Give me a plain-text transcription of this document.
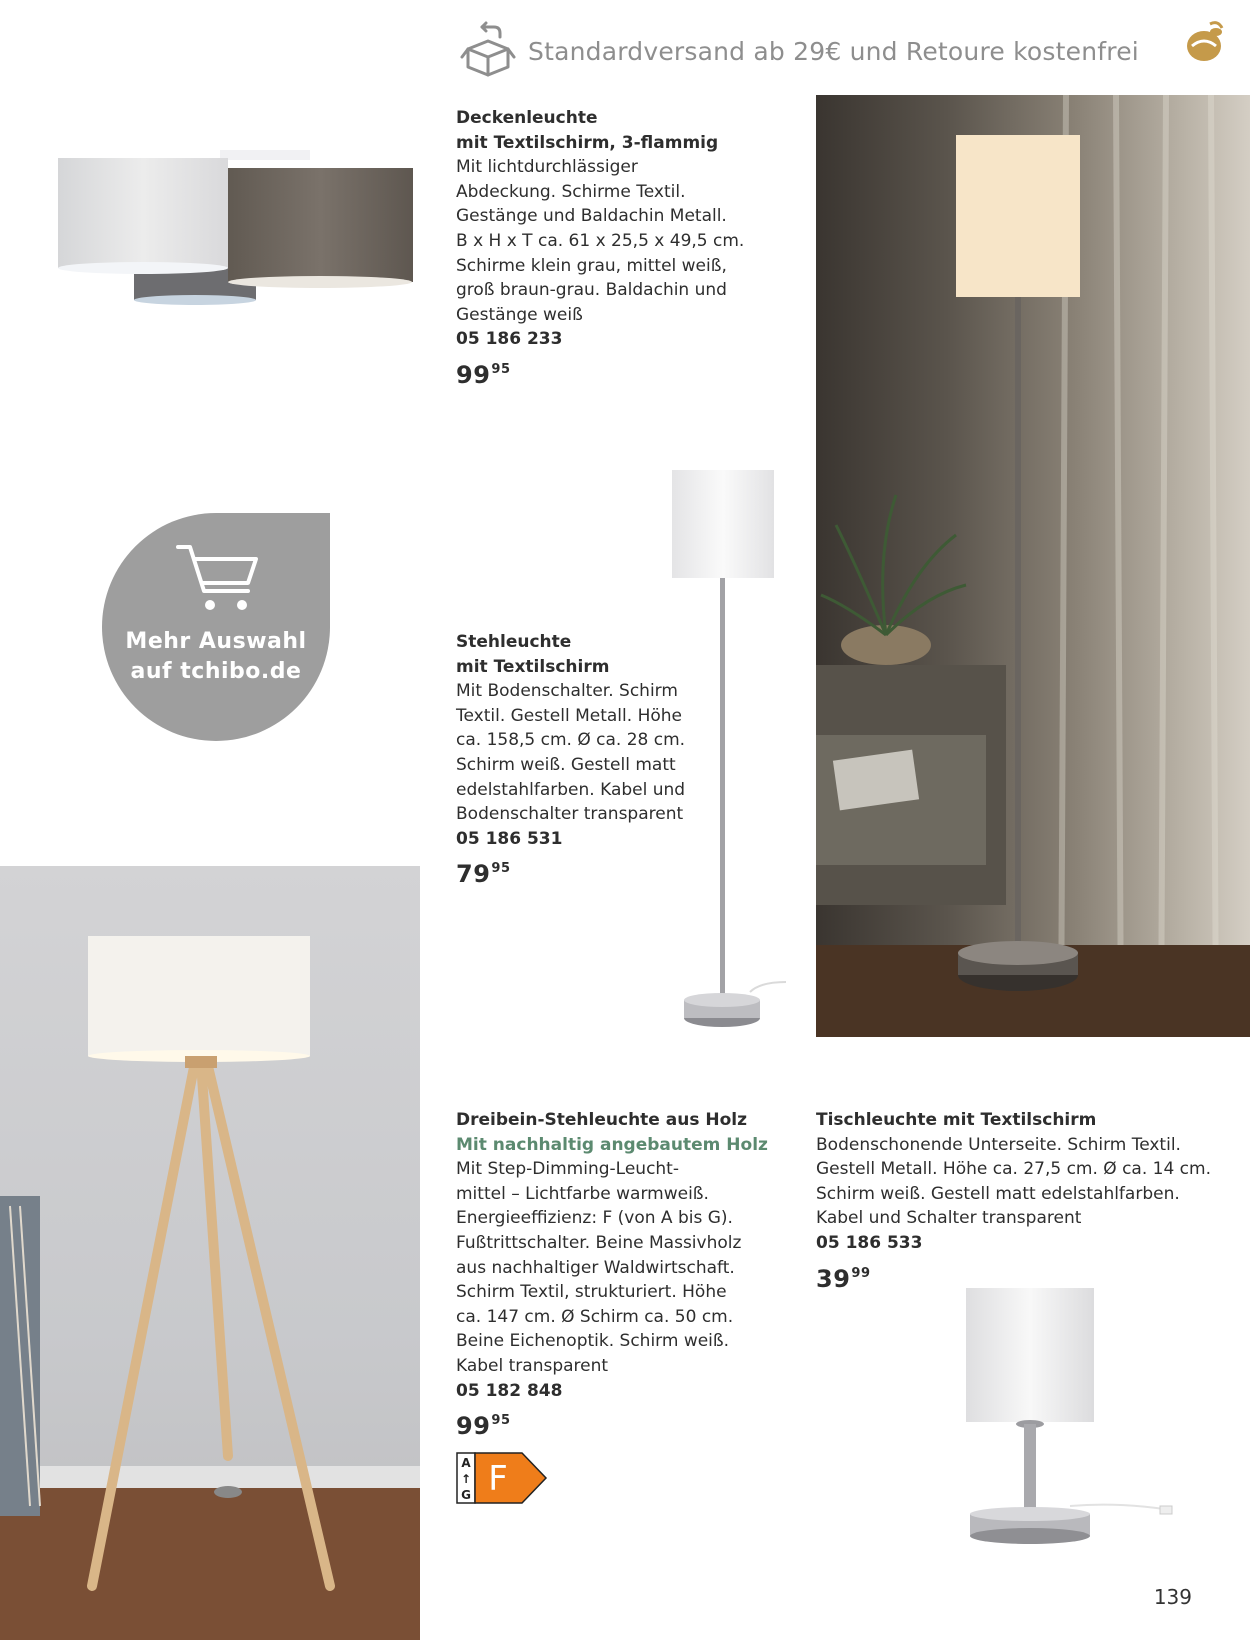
Standardversand ab 29€ und Retoure kostenfrei
Deckenleuchte
mit Textilschirm, 3-flammig
Mit lichtdurchlässiger
Abdeckung. Schirme Textil.
Gestänge und Baldachin Metall.
B x H x T ca. 61 x 25,5 x 49,5 cm.
Schirme klein grau, mittel weiß,
groß braun-grau. Baldachin und
Gestänge weiß
05 186 233
$99^{95}$
Mehr Auswahl
auf tchibo.de
Stehleuchte
mit Textilschirm
Mit Bodenschalter. Schirm
Textil. Gestell Metall. Höhe
ca. 158,5 cm. Ø ca. 28 cm.
Schirm weiß. Gestell matt
edelstahlfarben. Kabel und
Bodenschalter transparent
05 186 531
$79^{95}$
Dreibein-Stehleuchte aus Holz
Mit nachhaltig angebautem Holz
Mit Step-Dimming-Leucht-
mittel – Lichtfarbe warmweiß.
Energieeffizienz: F (von A bis G).
Fußtrittschalter. Beine Massivholz
aus nachhaltiger Waldwirtschaft.
Schirm Textil, strukturiert. Höhe
ca. 147 cm. Ø Schirm ca. 50 cm.
Beine Eichenoptik. Schirm weiß.
Kabel transparent
05 182 848
$99^{95}$
A
↑
G F
Tischleuchte mit Textilschirm
Bodenschonende Unterseite. Schirm Textil.
Gestell Metall. Höhe ca. 27,5 cm. Ø ca. 14 cm.
Schirm weiß. Gestell matt edelstahlfarben.
Kabel und Schalter transparent
05 186 533
$39^{99}$
139
